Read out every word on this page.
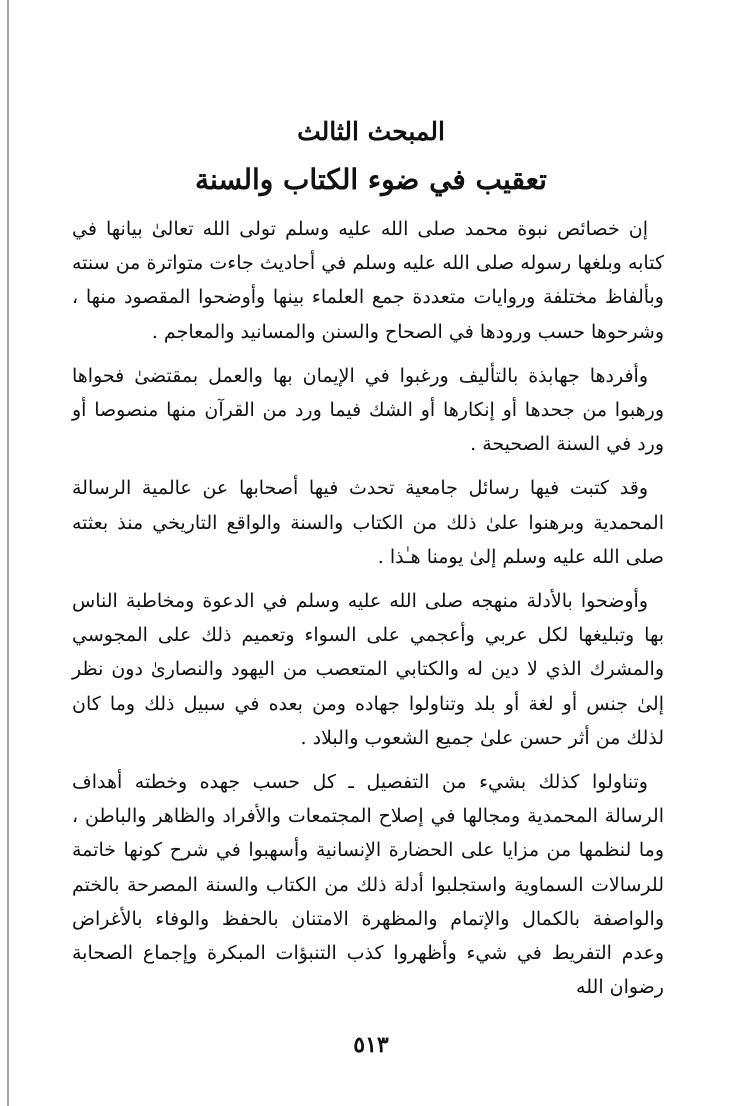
المبحث الثالث
تعقيب في ضوء الكتاب والسنة

إن خصائص نبوة محمد صلى الله عليه وسلم تولى الله تعالىٰ بيانها في كتابه وبلغها رسوله صلى الله عليه وسلم في أحاديث جاءت متواترة من سنته وبألفاظ مختلفة وروايات متعددة جمع العلماء بينها وأوضحوا المقصود منها ، وشرحوها حسب ورودها في الصحاح والسنن والمسانيد والمعاجم .

وأفردها جهابذة بالتأليف ورغبوا في الإيمان بها والعمل بمقتضىٰ فحواها ورهبوا من جحدها أو إنكارها أو الشك فيما ورد من القرآن منها منصوصا أو ورد في السنة الصحيحة .

وقد كتبت فيها رسائل جامعية تحدث فيها أصحابها عن عالمية الرسالة المحمدية وبرهنوا علىٰ ذلك من الكتاب والسنة والواقع التاريخي منذ بعثته صلى الله عليه وسلم إلىٰ يومنا هـٰذا .

وأوضحوا بالأدلة منهجه صلى الله عليه وسلم في الدعوة ومخاطبة الناس بها وتبليغها لكل عربي وأعجمي على السواء وتعميم ذلك على المجوسي والمشرك الذي لا دين له والكتابي المتعصب من اليهود والنصارىٰ دون نظر إلىٰ جنس أو لغة أو بلد وتناولوا جهاده ومن بعده في سبيل ذلك وما كان لذلك من أثر حسن علىٰ جميع الشعوب والبلاد .

وتناولوا كذلك بشيء من التفصيل ـ كل حسب جهده وخطته أهداف الرسالة المحمدية ومجالها في إصلاح المجتمعات والأفراد والظاهر والباطن ، وما لنظمها من مزايا على الحضارة الإنسانية وأسهبوا في شرح كونها خاتمة للرسالات السماوية واستجلبوا أدلة ذلك من الكتاب والسنة المصرحة بالختم والواصفة بالكمال والإتمام والمظهرة الامتنان بالحفظ والوفاء بالأغراض وعدم التفريط في شيء وأظهروا كذب التنبؤات المبكرة وإجماع الصحابة رضوان الله

٥١٣
